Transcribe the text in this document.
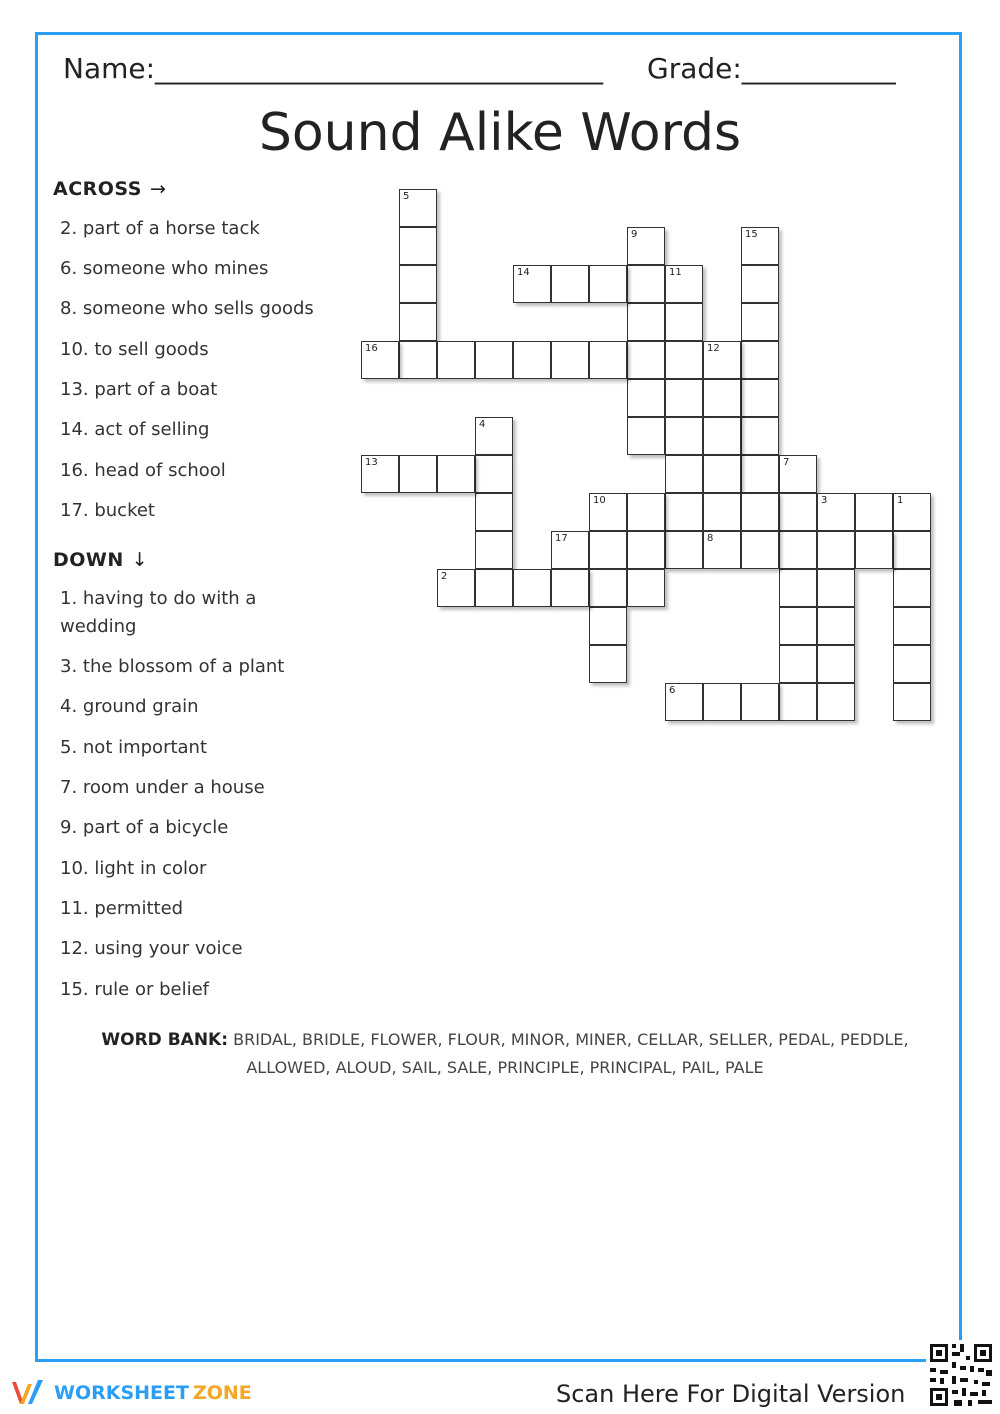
Name:________________________________ Grade:___________
Sound Alike Words
ACROSS →
2. part of a horse tack
6. someone who mines
8. someone who sells goods
10. to sell goods
13. part of a boat
14. act of selling
16. head of school
17. bucket
DOWN ↓
1. having to do with a wedding
3. the blossom of a plant
4. ground grain
5. not important
7. room under a house
9. part of a bicycle
10. light in color
11. permitted
12. using your voice
15. rule or belief
5
9	15
14	11
16	12
4
13	7
10	3	1
17	8
2
6
WORD BANK: BRIDAL, BRIDLE, FLOWER, FLOUR, MINOR, MINER, CELLAR, SELLER, PEDAL, PEDDLE, ALLOWED, ALOUD, SAIL, SALE, PRINCIPLE, PRINCIPAL, PAIL, PALE
WORKSHEET ZONE	Scan Here For Digital Version
